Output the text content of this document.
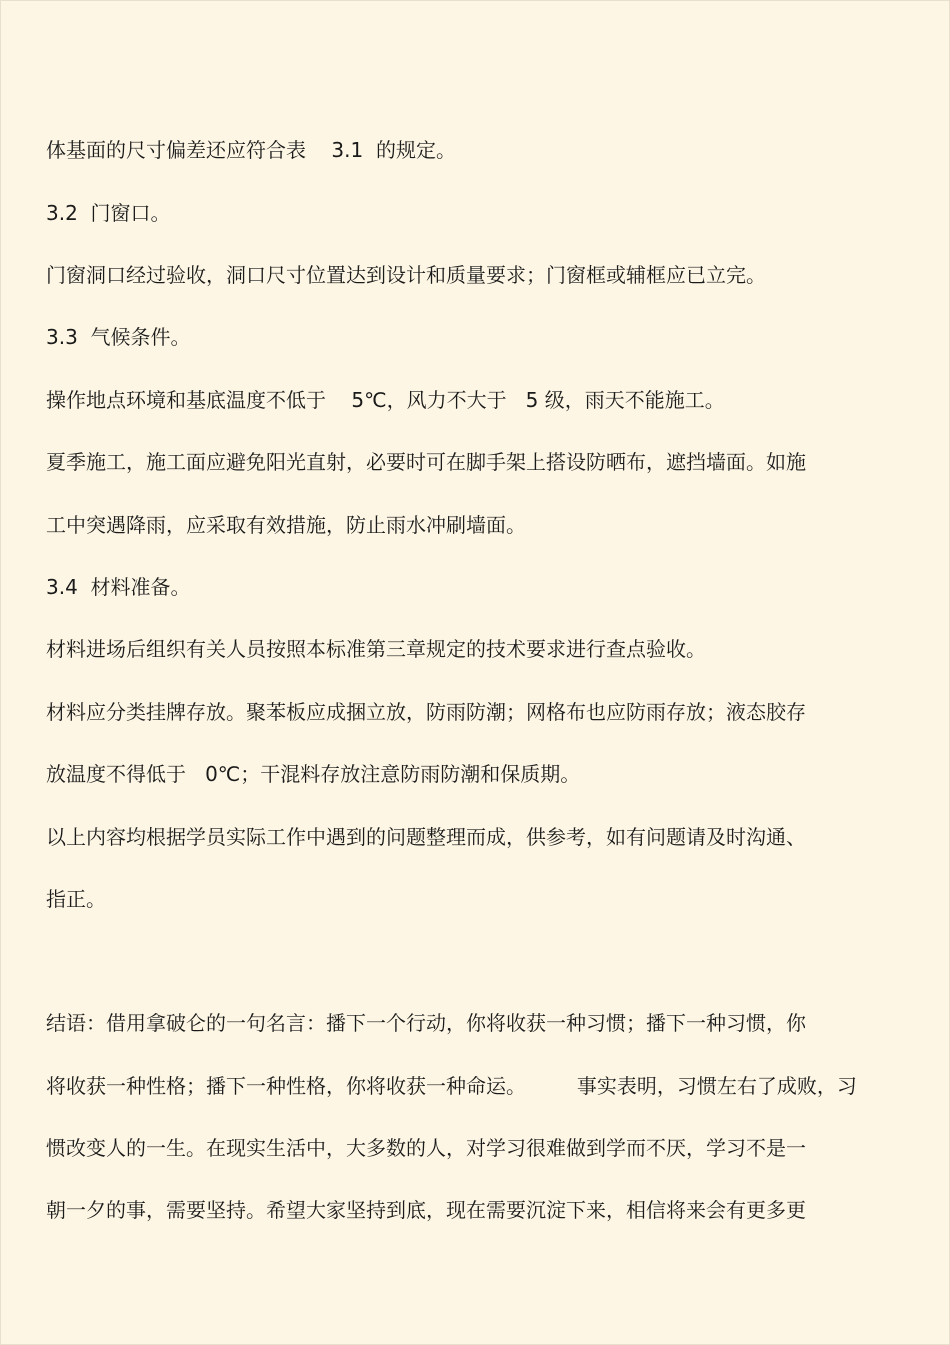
体基面的尺寸偏差还应符合表    3.1  的规定。

3.2  门窗口。

门窗洞口经过验收，洞口尺寸位置达到设计和质量要求；门窗框或辅框应已立完。

3.3  气候条件。

操作地点环境和基底温度不低于    5℃，风力不大于   5 级，雨天不能施工。

夏季施工，施工面应避免阳光直射，必要时可在脚手架上搭设防晒布，遮挡墙面。如施

工中突遇降雨，应采取有效措施，防止雨水冲刷墙面。

3.4  材料准备。

材料进场后组织有关人员按照本标准第三章规定的技术要求进行查点验收。

材料应分类挂牌存放。聚苯板应成捆立放，防雨防潮；网格布也应防雨存放；液态胶存

放温度不得低于   0℃；干混料存放注意防雨防潮和保质期。

以上内容均根据学员实际工作中遇到的问题整理而成，供参考，如有问题请及时沟通、

指正。

结语：借用拿破仑的一句名言：播下一个行动，你将收获一种习惯；播下一种习惯，你

将收获一种性格；播下一种性格，你将收获一种命运。        事实表明，习惯左右了成败，习

惯改变人的一生。在现实生活中，大多数的人，对学习很难做到学而不厌，学习不是一

朝一夕的事，需要坚持。希望大家坚持到底，现在需要沉淀下来，相信将来会有更多更
